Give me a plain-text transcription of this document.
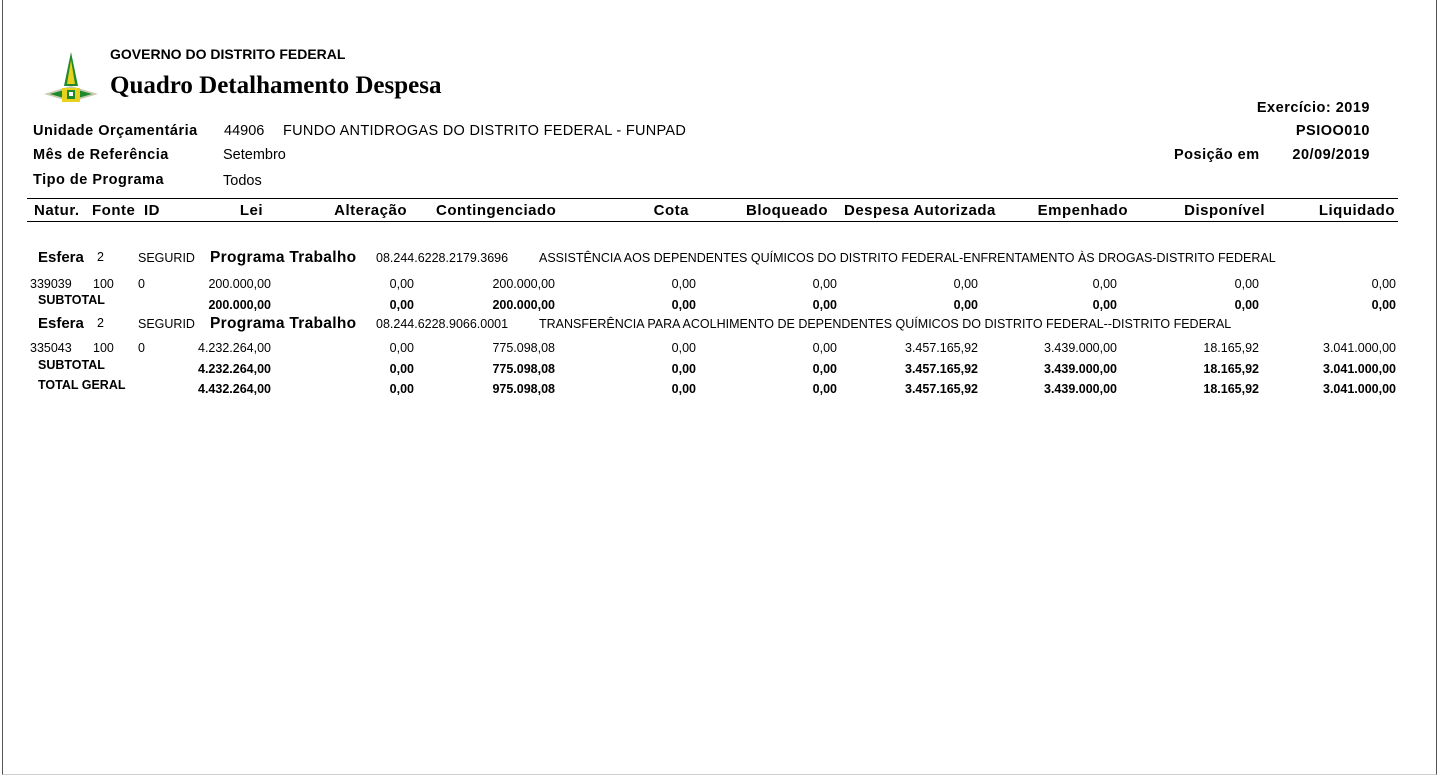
GOVERNO DO DISTRITO FEDERAL
Quadro Detalhamento Despesa
Exercício: 2019
PSIOO010
Posição em 20/09/2019
Unidade Orçamentária 44906 FUNDO ANTIDROGAS DO DISTRITO FEDERAL - FUNPAD
Mês de Referência	Setembro
Tipo de Programa	Todos
Natur. Fonte ID	Lei	Alteração Contingenciado	Cota	Bloqueado Despesa Autorizada	Empenhado	Disponível	Liquidado
Esfera 2	SEGURID Programa Trabalho 08.244.6228.2179.3696 ASSISTÊNCIA AOS DEPENDENTES QUÍMICOS DO DISTRITO FEDERAL-ENFRENTAMENTO ÀS DROGAS-DISTRITO FEDERAL
339039 100 0	200.000,00	0,00	200.000,00	0,00	0,00	0,00	0,00	0,00	0,00
SUBTOTAL	200.000,00	0,00	200.000,00	0,00	0,00	0,00	0,00	0,00	0,00
Esfera 2	SEGURID Programa Trabalho 08.244.6228.9066.0001 TRANSFERÊNCIA PARA ACOLHIMENTO DE DEPENDENTES QUÍMICOS DO DISTRITO FEDERAL--DISTRITO FEDERAL
335043 100 0	4.232.264,00	0,00	775.098,08	0,00	0,00	3.457.165,92	3.439.000,00	18.165,92	3.041.000,00
SUBTOTAL	4.232.264,00	0,00	775.098,08	0,00	0,00	3.457.165,92	3.439.000,00	18.165,92	3.041.000,00
TOTAL GERAL	4.432.264,00	0,00	975.098,08	0,00	0,00	3.457.165,92	3.439.000,00	18.165,92	3.041.000,00
